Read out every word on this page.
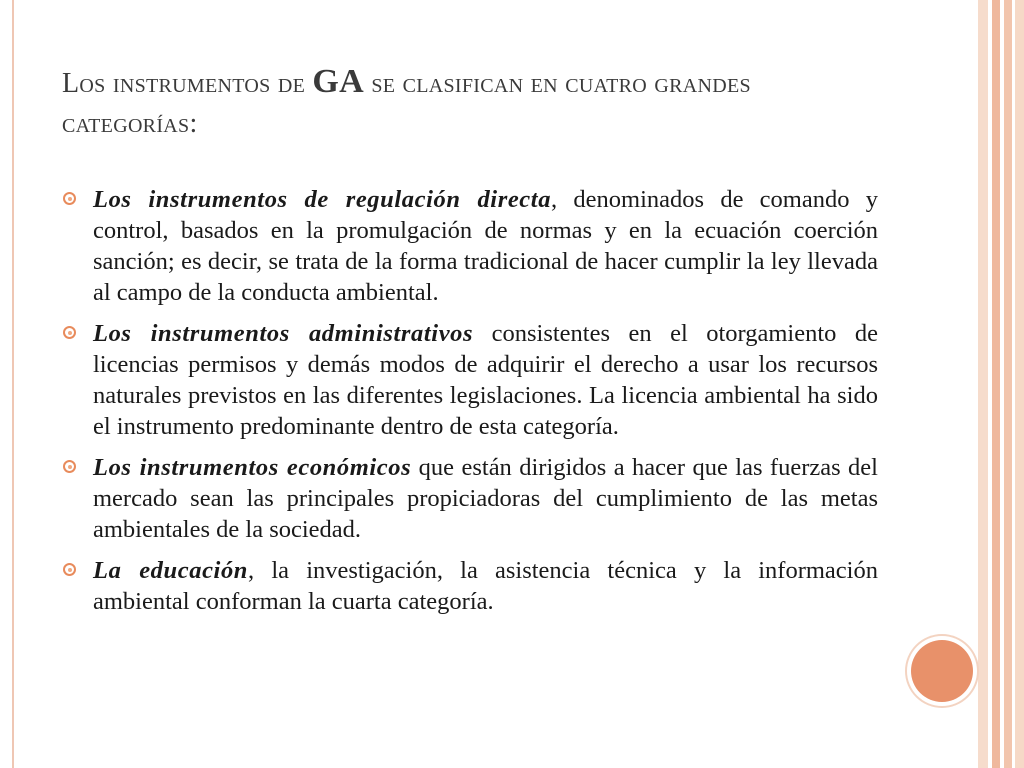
Los instrumentos de GA se clasifican en cuatro grandes categorías:
Los instrumentos de regulación directa, denominados de comando y control, basados en la promulgación de normas y en la ecuación coerción sanción; es decir, se trata de la forma tradicional de hacer cumplir la ley llevada al campo de la conducta ambiental.
Los instrumentos administrativos consistentes en el otorgamiento de licencias permisos y demás modos de adquirir el derecho a usar los recursos naturales previstos en las diferentes legislaciones. La licencia ambiental ha sido el instrumento predominante dentro de esta categoría.
Los instrumentos económicos que están dirigidos a hacer que las fuerzas del mercado sean las principales propiciadoras del cumplimiento de las metas ambientales de la sociedad.
La educación, la investigación, la asistencia técnica y la información ambiental conforman la cuarta categoría.
